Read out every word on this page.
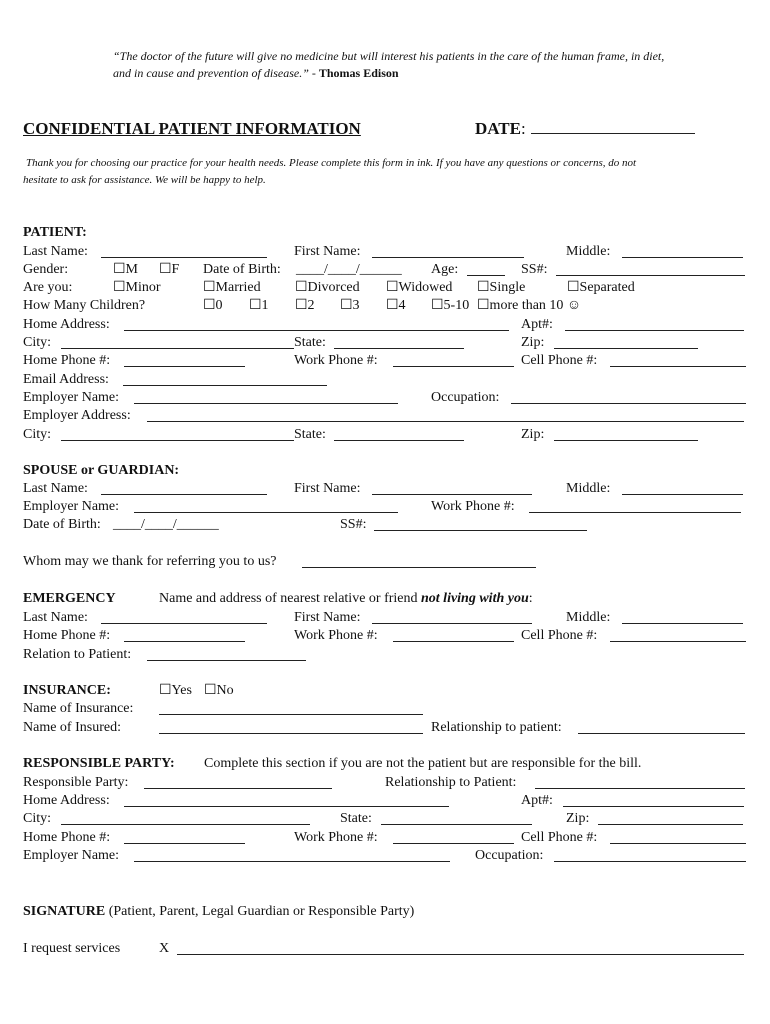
“The doctor of the future will give no medicine but will interest his patients in the care of the human frame, in diet,
and in cause and prevention of disease.” - Thomas Edison
CONFIDENTIAL PATIENT INFORMATION	DATE:
Thank you for choosing our practice for your health needs. Please complete this form in ink. If you have any questions or concerns, do not
hesitate to ask for assistance. We will be happy to help.
PATIENT:
Last Name:	First Name:	Middle:
Gender:	☐M ☐F Date of Birth: ____/____/______ Age:	SS#:
Are you:	☐Minor	☐Married ☐Divorced ☐Widowed ☐Single	☐Separated
How Many Children?	☐0 ☐1 ☐2 ☐3 ☐4 ☐5-10 ☐more than 10 ☺
Home Address:	Apt#:
City:	State:	Zip:
Home Phone #:	Work Phone #:	Cell Phone #:
Email Address:
Employer Name:	Occupation:
Employer Address:
City:	State:	Zip:
SPOUSE or GUARDIAN:
Last Name:	First Name:	Middle:
Employer Name:	Work Phone #:
Date of Birth: ____/____/______	SS#:
Whom may we thank for referring you to us?
EMERGENCY	Name and address of nearest relative or friend not living with you:
Last Name:	First Name:	Middle:
Home Phone #:	Work Phone #:	Cell Phone #:
Relation to Patient:
INSURANCE:	☐Yes ☐No
Name of Insurance:
Name of Insured:	Relationship to patient:
RESPONSIBLE PARTY: Complete this section if you are not the patient but are responsible for the bill.
Responsible Party:	Relationship to Patient:
Home Address:	Apt#:
City:	State:	Zip:
Home Phone #:	Work Phone #:	Cell Phone #:
Employer Name:	Occupation:
SIGNATURE (Patient, Parent, Legal Guardian or Responsible Party)
I request services	X
